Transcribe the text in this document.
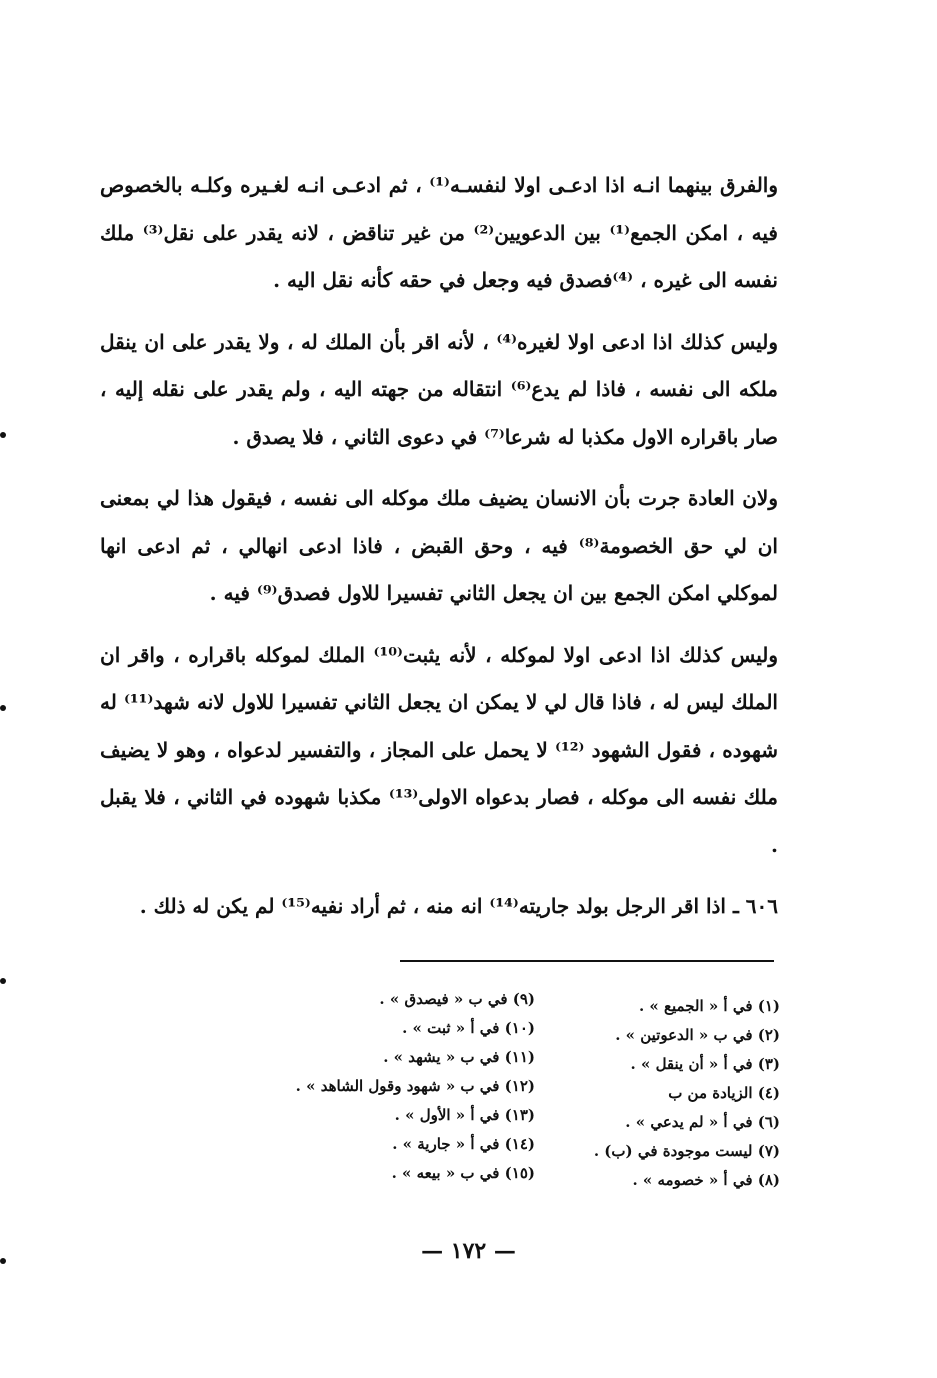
والفرق بينهما انـه اذا ادعـى اولا لنفسـه⁽¹⁾ ، ثم ادعـى انـه لغـيره وكلـه بالخصوص فيه ، امكن الجمع⁽¹⁾ بين الدعويين⁽²⁾ من غير تناقض ، لانه يقدر على نقل⁽³⁾ ملك نفسه الى غيره ، ⁽⁴⁾فصدق فيه وجعل في حقه كأنه نقل اليه .

وليس كذلك اذا ادعى اولا لغيره⁽⁴⁾ ، لأنه اقر بأن الملك له ، ولا يقدر على ان ينقل ملكه الى نفسه ، فاذا لم يدع⁽⁶⁾ انتقاله من جهته اليه ، ولم يقدر على نقله إليه ، صار باقراره الاول مكذبا له شرعا⁽⁷⁾ في دعوى الثاني ، فلا يصدق .

ولان العادة جرت بأن الانسان يضيف ملك موكله الى نفسه ، فيقول هذا لي بمعنى ان لي حق الخصومة⁽⁸⁾ فيه ، وحق القبض ، فاذا ادعى انهالي ، ثم ادعى انها لموكلي امكن الجمع بين ان يجعل الثاني تفسيرا للاول فصدق⁽⁹⁾ فيه .

وليس كذلك اذا ادعى اولا لموكله ، لأنه يثبت⁽¹⁰⁾ الملك لموكله باقراره ، واقر ان الملك ليس له ، فاذا قال لي لا يمكن ان يجعل الثاني تفسيرا للاول لانه شهد⁽¹¹⁾ له شهوده ، فقول الشهود ⁽¹²⁾ لا يحمل على المجاز ، والتفسير لدعواه ، وهو لا يضيف ملك نفسه الى موكله ، فصار بدعواه الاولى⁽¹³⁾ مكذبا شهوده في الثاني ، فلا يقبل .

٦٠٦ ـ اذا اقر الرجل بولد جاريته⁽¹⁴⁾ انه منه ، ثم أراد نفيه⁽¹⁵⁾ لم يكن له ذلك .

(١) في أ « الجميع » .
(٢) في ب « الدعوتين » .
(٣) في أ « أن ينقل » .
(٤) الزيادة من ب
(٦) في أ « لم يدعي » .
(٧) ليست موجودة في (ب) .
(٨) في أ « خصومه » .
(٩) في ب « فيصدق » .
(١٠) في أ « ثبت » .
(١١) في ب « يشهد » .
(١٢) في ب « شهود وقول الشاهد » .
(١٣) في أ « الأول » .
(١٤) في أ « جارية » .
(١٥) في ب « بيعه » .
— ١٧٢ —
